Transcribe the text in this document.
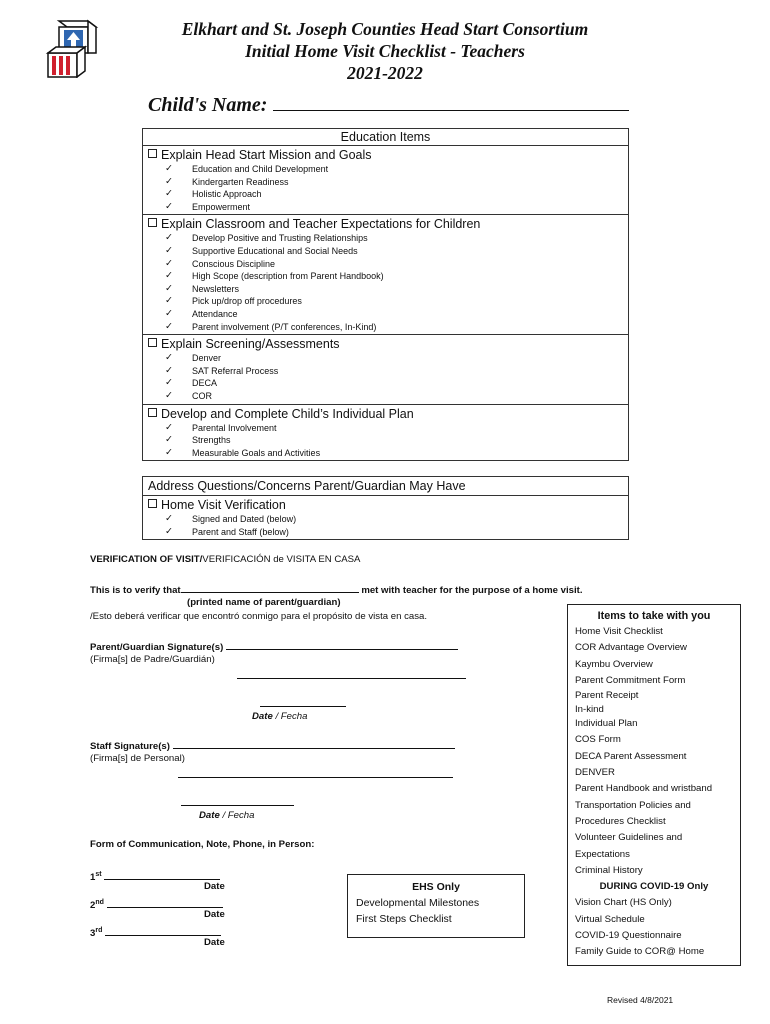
Elkhart and St. Joseph Counties Head Start Consortium
Initial Home Visit Checklist - Teachers
2021-2022
Child's Name:
Education Items
Explain Head Start Mission and Goals
✓ Education and Child Development
✓ Kindergarten Readiness
✓ Holistic Approach
✓ Empowerment
Explain Classroom and Teacher Expectations for Children
✓ Develop Positive and Trusting Relationships
✓ Supportive Educational and Social Needs
✓ Conscious Discipline
✓ High Scope (description from Parent Handbook)
✓ Newsletters
✓ Pick up/drop off procedures
✓ Attendance
✓ Parent involvement (P/T conferences, In-Kind)
Explain Screening/Assessments
✓ Denver
✓ SAT Referral Process
✓ DECA
✓ COR
Develop and Complete Child’s Individual Plan
✓ Parental Involvement
✓ Strengths
✓ Measurable Goals and Activities
Address Questions/Concerns Parent/Guardian May Have
Home Visit Verification
✓ Signed and Dated (below)
✓ Parent and Staff (below)
VERIFICATION OF VISIT/VERIFICACIÓN de VISITA EN CASA
This is to verify that	met with teacher for the purpose of a home visit.
(printed name of parent/guardian)
/Esto deberá verificar que encontró conmigo para el propósito de vista en casa.
Parent/Guardian Signature(s)
(Firma[s] de Padre/Guardián)
Date / Fecha
Staff Signature(s)
(Firma[s] de Personal)
Date / Fecha
Form of Communication, Note, Phone, in Person:
1st
Date
2nd
Date
3rd
Date
EHS Only
Developmental Milestones
First Steps Checklist
Items to take with you
Home Visit Checklist
COR Advantage Overview
Kaymbu Overview
Parent Commitment Form
Parent Receipt
In-kind
Individual Plan
COS Form
DECA Parent Assessment
DENVER
Parent Handbook and wristband
Transportation Policies and
Procedures Checklist
Volunteer Guidelines and
Expectations
Criminal History
DURING COVID-19 Only
Vision Chart (HS Only)
Virtual Schedule
COVID-19 Questionnaire
Family Guide to COR@ Home
Revised 4/8/2021
